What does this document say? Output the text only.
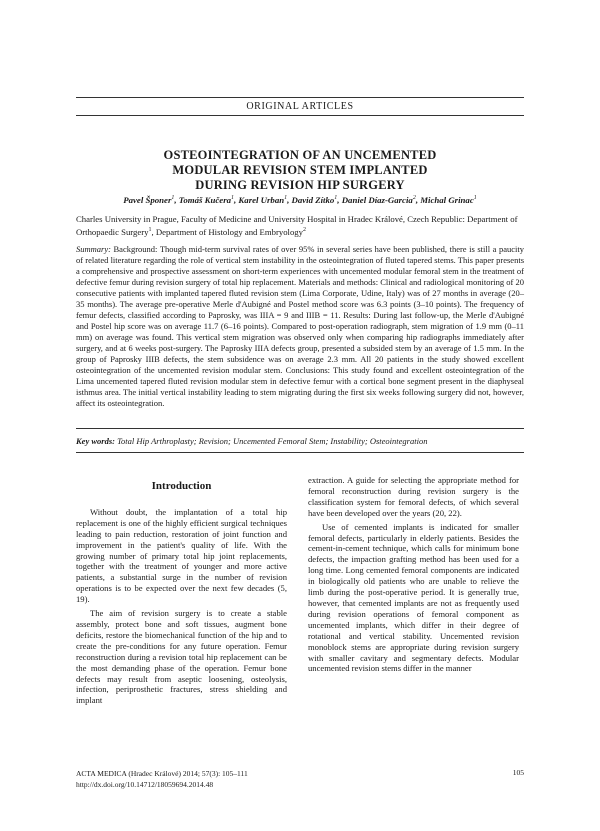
ORIGINAL ARTICLES
OSTEOINTEGRATION OF AN UNCEMENTED
MODULAR REVISION STEM IMPLANTED
DURING REVISION HIP SURGERY
Pavel Šponer$^1$, Tomáš Kučera$^1$, Karel Urban$^1$, David Zítko$^1$, Daniel Díaz-Garcia$^2$, Michal Grinac$^1$
Charles University in Prague, Faculty of Medicine and University Hospital in Hradec Králové, Czech Republic: Department of Orthopaedic Surgery$^1$, Department of Histology and Embryology$^2$
Summary: Background: Though mid-term survival rates of over 95% in several series have been published, there is still a paucity of related literature regarding the role of vertical stem instability in the osteointegration of fluted tapered stems. This paper presents a comprehensive and prospective assessment on short-term experiences with uncemented modular femoral stem in the treatment of defective femur during revision surgery of total hip replacement. Materials and methods: Clinical and radiological monitoring of 20 consecutive patients with implanted tapered fluted revision stem (Lima Corporate, Udine, Italy) was of 27 months in average (20–35 months). The average pre-operative Merle d'Aubigné and Postel method score was 6.3 points (3–10 points). The frequency of femur defects, classified according to Paprosky, was IIIA = 9 and IIIB = 11. Results: During last follow-up, the Merle d'Aubigné and Postel hip score was on average 11.7 (6–16 points). Compared to post-operation radiograph, stem migration of 1.9 mm (0–11 mm) on average was found. This vertical stem migration was observed only when comparing hip radiographs immediately after surgery, and at 6 weeks post-surgery. The Paprosky IIIA defects group, presented a subsided stem by an average of 1.5 mm. In the group of Paprosky IIIB defects, the stem subsidence was on average 2.3 mm. All 20 patients in the study showed excellent osteointegration of the uncemented revision modular stem. Conclusions: This study found and excellent osteointegration of the Lima uncemented tapered fluted revision modular stem in defective femur with a cortical bone segment present in the diaphyseal isthmus area. The initial vertical instability leading to stem migrating during the first six weeks following surgery did not, however, affect its osteointegration.
Key words: Total Hip Arthroplasty; Revision; Uncemented Femoral Stem; Instability; Osteointegration
Introduction

Without doubt, the implantation of a total hip replacement is one of the highly efficient surgical techniques leading to pain reduction, restoration of joint function and improvement in the patient's quality of life. With the growing number of primary total hip joint replacements, together with the treatment of younger and more active patients, a substantial surge in the number of revision operations is to be expected over the next few decades (5, 19).

The aim of revision surgery is to create a stable assembly, protect bone and soft tissues, augment bone deficits, restore the biomechanical function of the hip and to create the pre-conditions for any future operation. Femur reconstruction during a revision total hip replacement can be the most demanding phase of the operation. Femur bone defects may result from aseptic loosening, osteolysis, infection, periprosthetic fractures, stress shielding and implant

extraction. A guide for selecting the appropriate method for femoral reconstruction during revision surgery is the classification system for femoral defects, of which several have been developed over the years (20, 22).

Use of cemented implants is indicated for smaller femoral defects, particularly in elderly patients. Besides the cement-in-cement technique, which calls for minimum bone defects, the impaction grafting method has been used for a long time. Long cemented femoral components are indicated in biologically old patients who are unable to relieve the limb during the post-operative period. It is generally true, however, that cemented implants are not as frequently used during revision operations of femoral component as uncemented implants, which differ in their degree of rotational and vertical stability. Uncemented revision monoblock stems are appropriate during revision surgery with smaller cavitary and segmentary defects. Modular uncemented revision stems differ in the manner

ACTA MEDICA (Hradec Králové) 2014; 57(3): 105–111
http://dx.doi.org/10.14712/18059694.2014.48
105
